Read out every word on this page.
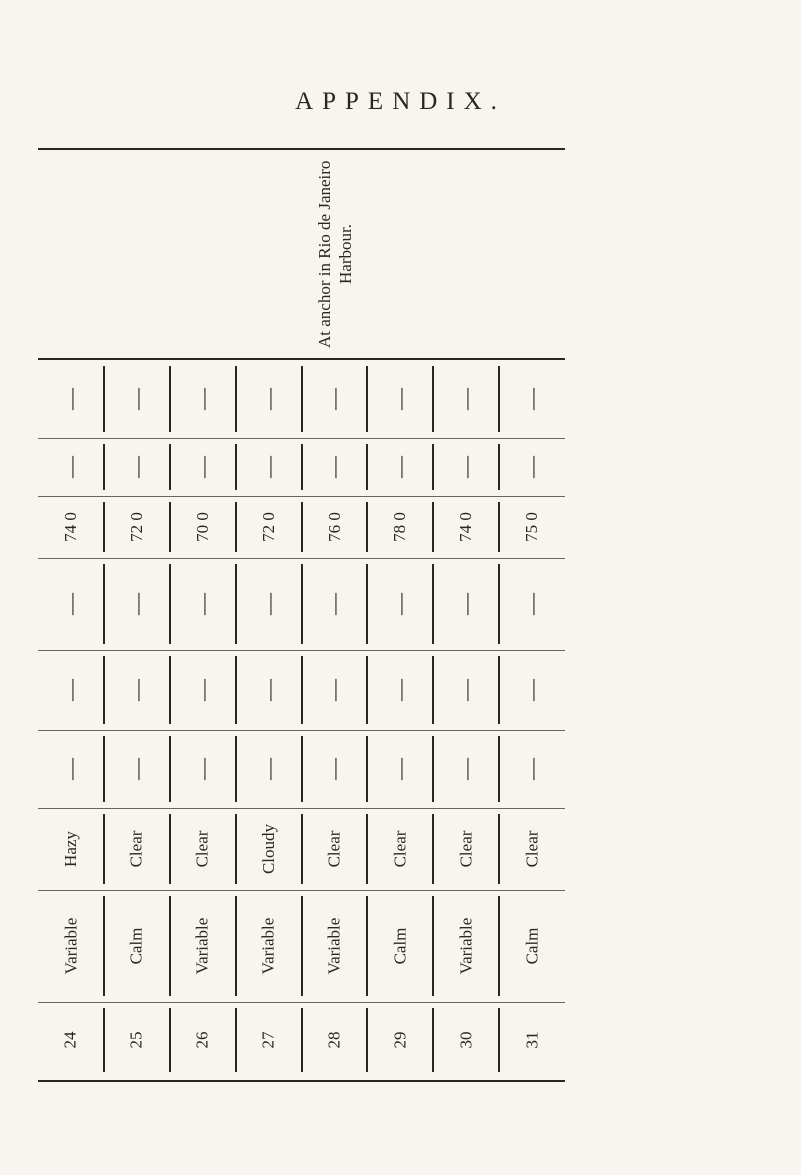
APPENDIX.
At anchor in Rio de Janeiro Harbour.
— — — — — — — —
— — — — — — — —
74 0	72 0	70 0	72 0	76 0	78 0	74 0	75 0
— — — — — — — —
— — — — — — — —
— — — — — — — —
Hazy	Clear	Clear	Cloudy	Clear	Clear	Clear	Clear
Variable	Calm	Variable	Variable	Variable	Calm	Variable	Calm
24	25	26	27	28	29	30	31
